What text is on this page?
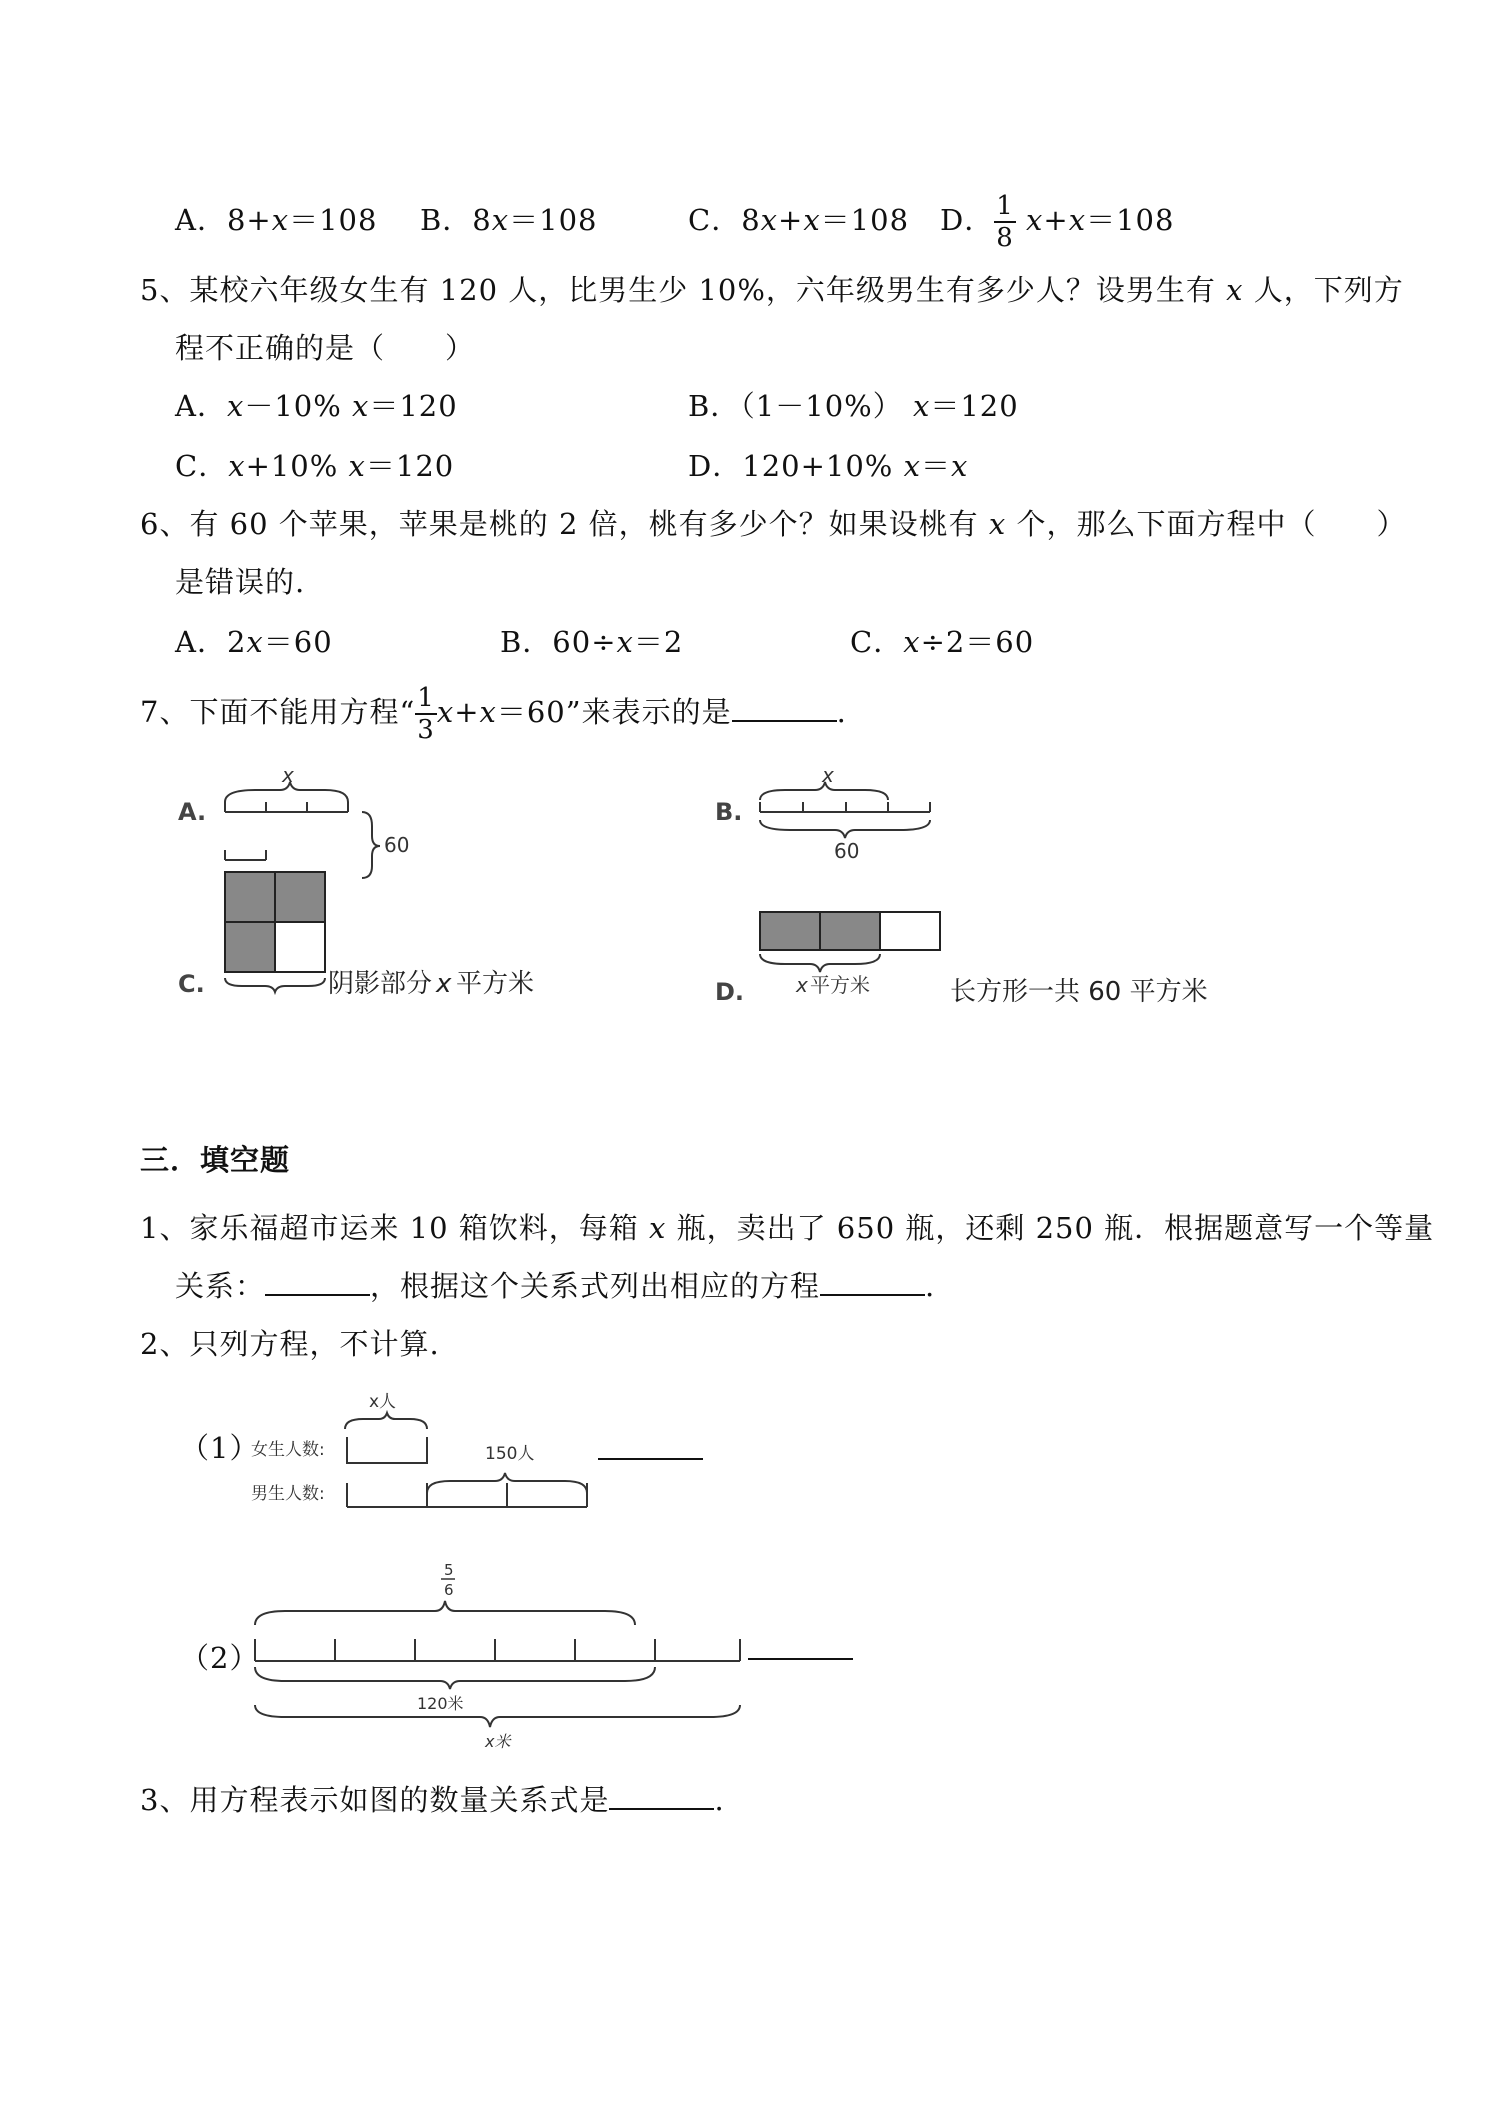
A．8+x＝108 B．8x＝108	C．8x+x＝108 D． $\frac{1}{8} x+x=108$
5、某校六年级女生有 120 人，比男生少 10%，六年级男生有多少人？设男生有 x 人，下列方
程不正确的是（　　）
A．x－10% x＝120	B．（1－10%） x＝120
C．x+10% x＝120	D．120+10% x＝x
6、有 60 个苹果，苹果是桃的 2 倍，桃有多少个？如果设桃有 x 个，那么下面方程中（　　）
是错误的.
A．2x＝60	B．60÷x＝2	C．x÷2＝60
7、下面不能用方程“ $\frac{1}{3} x+x=60$”来表示的是	.
A.
x
60
C.	阴影部分 x 平方米
B.
x
60
x 平方米
D.	长方形一共 60 平方米
三．填空题
1、家乐福超市运来 10 箱饮料，每箱 x 瓶，卖出了 650 瓶，还剩 250 瓶．根据题意写一个等量
关系：	，根据这个关系式列出相应的方程	.
2、只列方程，不计算.
（1）
女生人数:
男生人数:
x人
150人
（2）
5
6
120米
x米
3、用方程表示如图的数量关系式是	.
